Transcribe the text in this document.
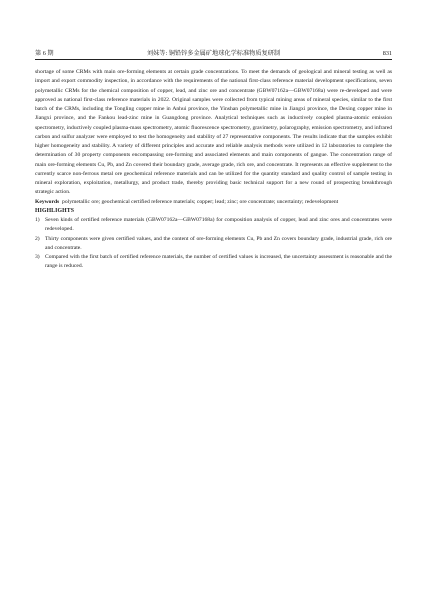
第 6 期	刘妹等: 铜铅锌多金属矿地球化学标准物质复研制	831

shortage of some CRMs with main ore-forming elements at certain grade concentrations. To meet the demands of geological and mineral testing as well as import and export commodity inspection, in accordance with the requirements of the national first-class reference material development specifications, seven polymetallic CRMs for the chemical composition of copper, lead, and zinc ore and concentrate (GBW07162a—GBW07168a) were re-developed and were approved as national first-class reference materials in 2022. Original samples were collected from typical mining areas of mineral species, similar to the first batch of the CRMs, including the Tongling copper mine in Anhui province, the Yinshan polymetallic mine in Jiangxi province, the Dexing copper mine in Jiangxi province, and the Fankou lead-zinc mine in Guangdong province. Analytical techniques such as inductively coupled plasma-atomic emission spectrometry, inductively coupled plasma-mass spectrometry, atomic fluorescence spectrometry, gravimetry, polarography, emission spectrometry, and infrared carbon and sulfur analyzer were employed to test the homogeneity and stability of 27 representative components. The results indicate that the samples exhibit higher homogeneity and stability. A variety of different principles and accurate and reliable analysis methods were utilized in 12 laboratories to complete the determination of 30 property components encompassing ore-forming and associated elements and main components of gangue. The concentration range of main ore-forming elements Cu, Pb, and Zn covered their boundary grade, average grade, rich ore, and concentrate. It represents an effective supplement to the currently scarce non-ferrous metal ore geochemical reference materials and can be utilized for the quantity standard and quality control of sample testing in mineral exploration, exploitation, metallurgy, and product trade, thereby providing basic technical support for a new round of prospecting breakthrough strategic action.

Keywords polymetallic ore; geochemical certified reference materials; copper; lead; zinc; ore concentrate; uncertainty; redevelopment

HIGHLIGHTS
1) Seven kinds of certified reference materials (GBW07162a—GBW07168a) for composition analysis of copper, lead and zinc ores and concentrates were redeveloped.
2) Thirty components were given certified values, and the content of ore-forming elements Cu, Pb and Zn covers boundary grade, industrial grade, rich ore and concentrate.
3) Compared with the first batch of certified reference materials, the number of certified values is increased, the uncertainty assessment is reasonable and the range is reduced.
